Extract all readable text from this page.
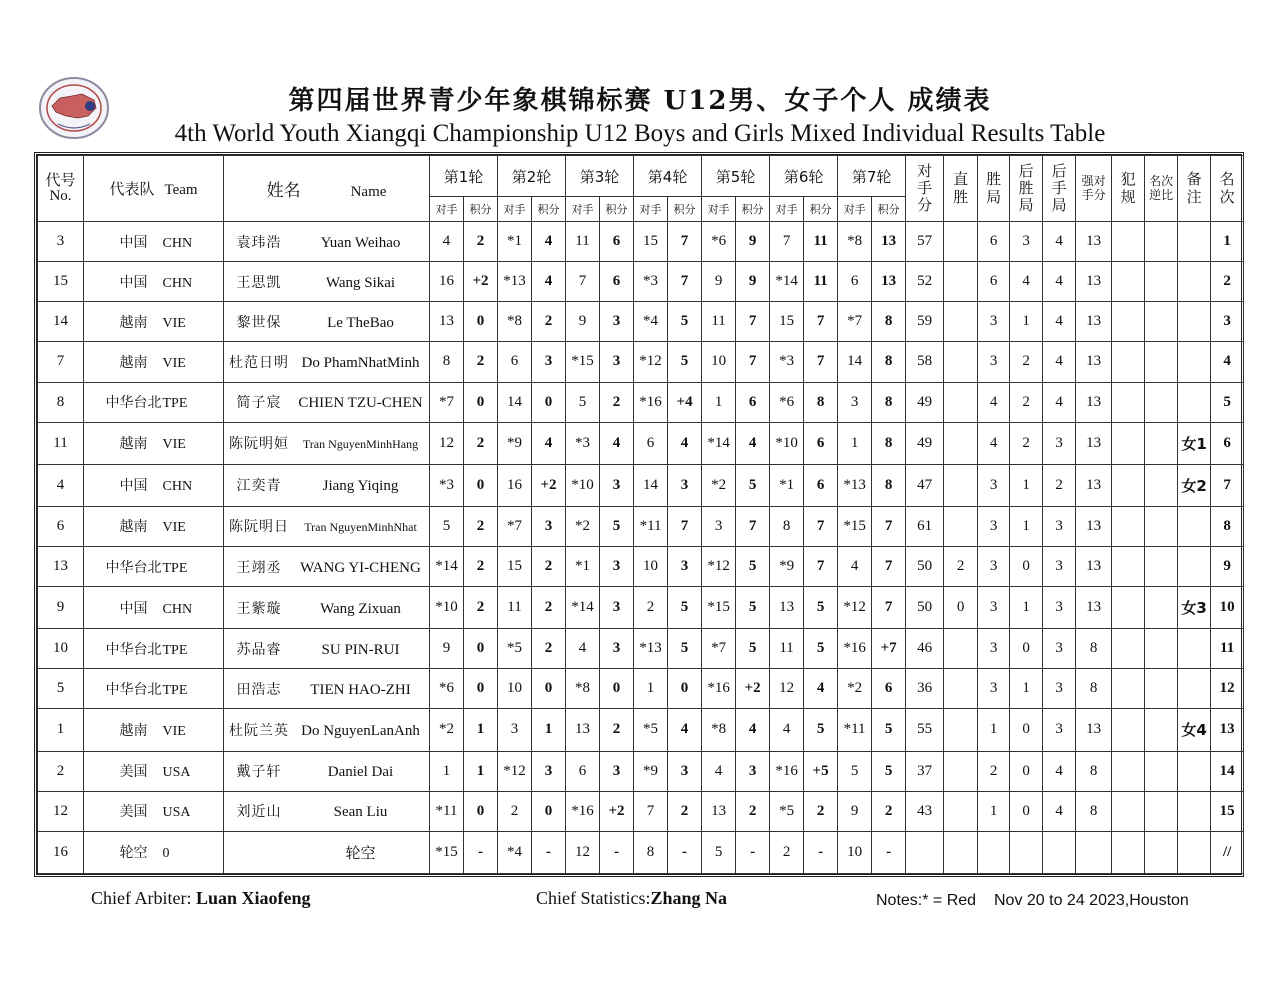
第四届世界青少年象棋锦标赛 U12男、女子个人 成绩表
4th World Youth Xiangqi Championship U12 Boys and Girls Mixed Individual Results Table
代号
No.	代表队 Team	姓名 Name	第1轮		第2轮		第3轮		第4轮		第5轮		第6轮		第7轮		对手分	直胜	胜局	后胜局	后手局	强对手分	犯规	名次逆比	备注	名次
			对手	积分	对手	积分	对手	积分	对手	积分	对手	积分	对手	积分	对手	积分										
3	中国 CHN	袁玮浩 Yuan Weihao	4	2	*1	4	11	6	15	7	*6	9	7	11	*8	13	57		6	3	4	13				1
15	中国 CHN	王思凯 Wang Sikai	16	+2	*13	4	7	6	*3	7	9	9	*14	11	6	13	52		6	4	4	13				2
14	越南 VIE	黎世保 Le TheBao	13	0	*8	2	9	3	*4	5	11	7	15	7	*7	8	59		3	1	4	13				3
7	越南 VIE	杜范日明 Do PhamNhatMinh	8	2	6	3	*15	3	*12	5	10	7	*3	7	14	8	58		3	2	4	13				4
8	中华台北TPE	简子宸 CHIEN TZU-CHEN	*7	0	14	0	5	2	*16	+4	1	6	*6	8	3	8	49		4	2	4	13				5
11	越南 VIE	陈阮明姮 Tran NguyenMinhHang	12	2	*9	4	*3	4	6	4	*14	4	*10	6	1	8	49		4	2	3	13			女1	6
4	中国 CHN	江奕青 Jiang Yiqing	*3	0	16	+2	*10	3	14	3	*2	5	*1	6	*13	8	47		3	1	2	13			女2	7
6	越南 VIE	陈阮明日 Tran NguyenMinhNhat	5	2	*7	3	*2	5	*11	7	3	7	8	7	*15	7	61		3	1	3	13				8
13	中华台北TPE	王翊丞 WANG YI-CHENG	*14	2	15	2	*1	3	10	3	*12	5	*9	7	4	7	50	2	3	0	3	13				9
9	中国 CHN	王紫璇 Wang Zixuan	*10	2	11	2	*14	3	2	5	*15	5	13	5	*12	7	50	0	3	1	3	13			女3	10
10	中华台北TPE	苏品睿 SU PIN-RUI	9	0	*5	2	4	3	*13	5	*7	5	11	5	*16	+7	46		3	0	3	8				11
5	中华台北TPE	田浩志 TIEN HAO-ZHI	*6	0	10	0	*8	0	1	0	*16	+2	12	4	*2	6	36		3	1	3	8				12
1	越南 VIE	杜阮兰英 Do NguyenLanAnh	*2	1	3	1	13	2	*5	4	*8	4	4	5	*11	5	55		1	0	3	13			女4	13
2	美国 USA	戴子轩 Daniel Dai	1	1	*12	3	6	3	*9	3	4	3	*16	+5	5	5	37		2	0	4	8				14
12	美国 USA	刘近山 Sean Liu	*11	0	2	0	*16	+2	7	2	13	2	*5	2	9	2	43		1	0	4	8				15
16	轮空 0	轮空	*15	-	*4	-	12	-	8	-	5	-	2	-	10	-										//
Chief Arbiter: Luan Xiaofeng	Chief Statistics:Zhang Na	Notes:* = Red Nov 20 to 24 2023,Houston
